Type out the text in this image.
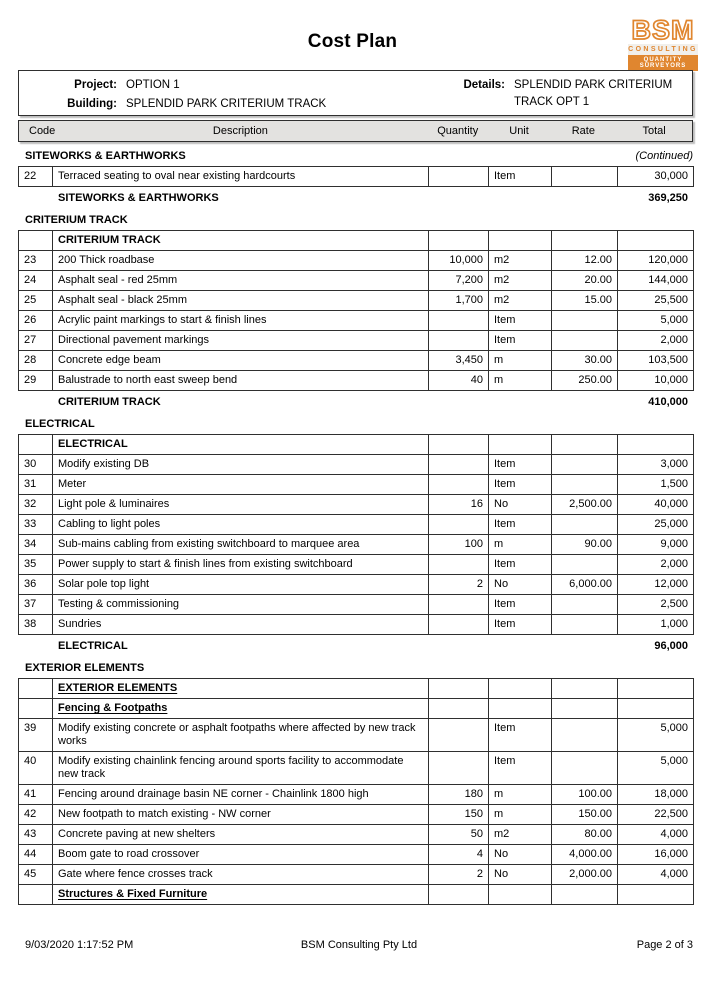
Cost Plan	BSM
CONSULTING
QUANTITY SURVEYORS
Project: OPTION 1
Building: SPLENDID PARK CRITERIUM TRACK
Details: SPLENDID PARK CRITERIUM TRACK OPT 1
Code	Description	Quantity	Unit	Rate	Total
SITEWORKS & EARTHWORKS	(Continued)
22	Terraced seating to oval near existing hardcourts		Item		30,000
SITEWORKS & EARTHWORKS	369,250
CRITERIUM TRACK
	CRITERIUM TRACK				
23	200 Thick roadbase	10,000	m2	12.00	120,000
24	Asphalt seal - red 25mm	7,200	m2	20.00	144,000
25	Asphalt seal - black 25mm	1,700	m2	15.00	25,500
26	Acrylic paint markings to start & finish lines		Item		5,000
27	Directional pavement markings		Item		2,000
28	Concrete edge beam	3,450	m	30.00	103,500
29	Balustrade to north east sweep bend	40	m	250.00	10,000
CRITERIUM TRACK	410,000
ELECTRICAL
	ELECTRICAL				
30	Modify existing DB		Item		3,000
31	Meter		Item		1,500
32	Light pole & luminaires	16	No	2,500.00	40,000
33	Cabling to light poles		Item		25,000
34	Sub-mains cabling from existing switchboard to marquee area	100	m	90.00	9,000
35	Power supply to start & finish lines from existing switchboard		Item		2,000
36	Solar pole top light	2	No	6,000.00	12,000
37	Testing & commissioning		Item		2,500
38	Sundries		Item		1,000
ELECTRICAL	96,000
EXTERIOR ELEMENTS
	EXTERIOR ELEMENTS				
	Fencing & Footpaths				
39	Modify existing concrete or asphalt footpaths where affected by new track works		Item		5,000
40	Modify existing chainlink fencing around sports facility to accommodate new track		Item		5,000
41	Fencing around drainage basin NE corner - Chainlink 1800 high	180	m	100.00	18,000
42	New footpath to match existing - NW corner	150	m	150.00	22,500
43	Concrete paving at new shelters	50	m2	80.00	4,000
44	Boom gate to road crossover	4	No	4,000.00	16,000
45	Gate where fence crosses track	2	No	2,000.00	4,000
	Structures & Fixed Furniture				
9/03/2020 1:17:52 PM	BSM Consulting Pty Ltd	Page 2 of 3
